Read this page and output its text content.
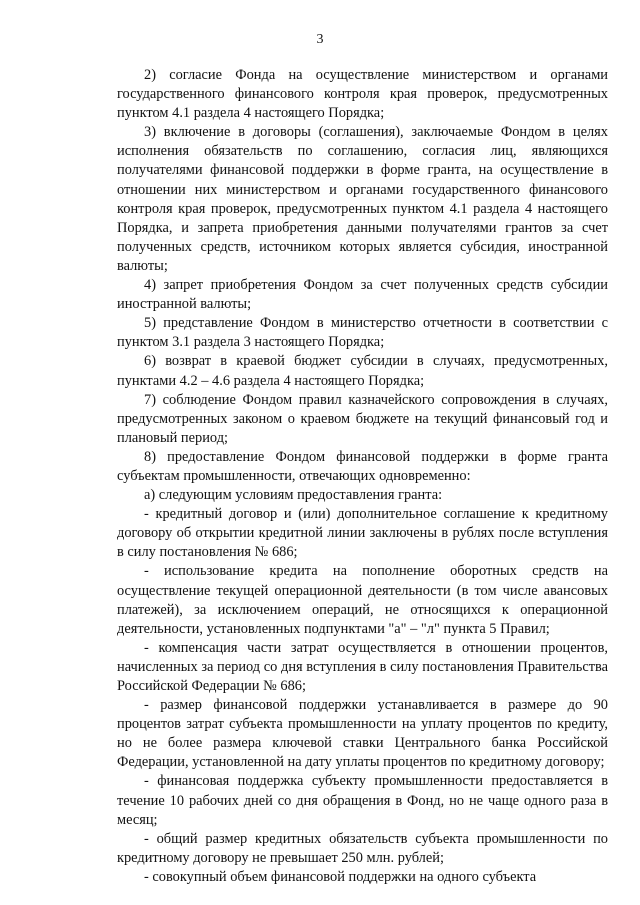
3

2) согласие Фонда на осуществление министерством и органами государственного финансового контроля края проверок, предусмотренных пунктом 4.1 раздела 4 настоящего Порядка;

3) включение в договоры (соглашения), заключаемые Фондом в целях исполнения обязательств по соглашению, согласия лиц, являющихся получателями финансовой поддержки в форме гранта, на осуществление в отношении них министерством и органами государственного финансового контроля края проверок, предусмотренных пунктом 4.1 раздела 4 настоящего Порядка, и запрета приобретения данными получателями грантов за счет полученных средств, источником которых является субсидия, иностранной валюты;

4) запрет приобретения Фондом за счет полученных средств субсидии иностранной валюты;

5) представление Фондом в министерство отчетности в соответствии с пунктом 3.1 раздела 3 настоящего Порядка;

6) возврат в краевой бюджет субсидии в случаях, предусмотренных, пунктами 4.2 – 4.6 раздела 4 настоящего Порядка;

7) соблюдение Фондом правил казначейского сопровождения в случаях, предусмотренных законом о краевом бюджете на текущий финансовый год и плановый период;

8) предоставление Фондом финансовой поддержки в форме гранта субъектам промышленности, отвечающих одновременно:

а) следующим условиям предоставления гранта:

- кредитный договор и (или) дополнительное соглашение к кредитному договору об открытии кредитной линии заключены в рублях после вступления в силу постановления № 686;

- использование кредита на пополнение оборотных средств на осуществление текущей операционной деятельности (в том числе авансовых платежей), за исключением операций, не относящихся к операционной деятельности, установленных подпунктами "а" – "л" пункта 5 Правил;

- компенсация части затрат осуществляется в отношении процентов, начисленных за период со дня вступления в силу постановления Правительства Российской Федерации № 686;

- размер финансовой поддержки устанавливается в размере до 90 процентов затрат субъекта промышленности на уплату процентов по кредиту, но не более размера ключевой ставки Центрального банка Российской Федерации, установленной на дату уплаты процентов по кредитному договору;

- финансовая поддержка субъекту промышленности предоставляется в течение 10 рабочих дней со дня обращения в Фонд, но не чаще одного раза в месяц;

- общий размер кредитных обязательств субъекта промышленности по кредитному договору не превышает 250 млн. рублей;

- совокупный объем финансовой поддержки на одного субъекта
